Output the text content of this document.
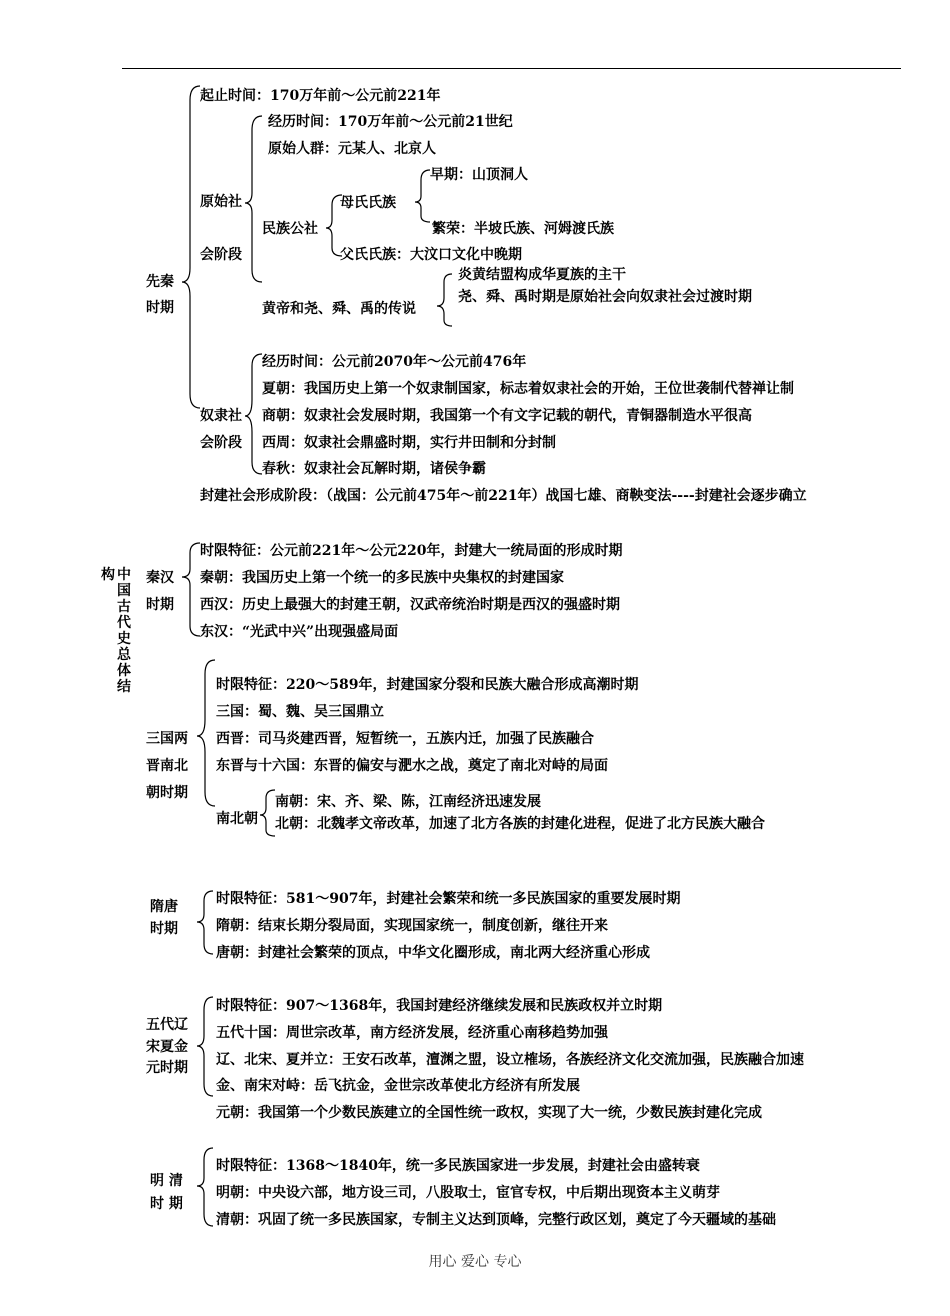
构 中国古代史总体结
先秦
时期
起止时间：170万年前～公元前221年
原始社
会阶段
经历时间：170万年前～公元前21世纪
原始人群：元某人、北京人
民族公社
母氏氏族
早期：山顶洞人
繁荣：半坡氏族、河姆渡氏族
父氏氏族：大汶口文化中晚期
黄帝和尧、舜、禹的传说
炎黄结盟构成华夏族的主干
尧、舜、禹时期是原始社会向奴隶社会过渡时期
奴隶社
会阶段
经历时间：公元前2070年～公元前476年
夏朝：我国历史上第一个奴隶制国家，标志着奴隶社会的开始，王位世袭制代替禅让制
商朝：奴隶社会发展时期，我国第一个有文字记载的朝代，青铜器制造水平很高
西周：奴隶社会鼎盛时期，实行井田制和分封制
春秋：奴隶社会瓦解时期，诸侯争霸
封建社会形成阶段：（战国：公元前475年～前221年）战国七雄、商鞅变法----封建社会逐步确立
秦汉
时期
时限特征：公元前221年～公元220年，封建大一统局面的形成时期
秦朝：我国历史上第一个统一的多民族中央集权的封建国家
西汉：历史上最强大的封建王朝，汉武帝统治时期是西汉的强盛时期
东汉：“光武中兴”出现强盛局面
三国两
晋南北
朝时期
时限特征：220～589年，封建国家分裂和民族大融合形成高潮时期
三国：蜀、魏、吴三国鼎立
西晋：司马炎建西晋，短暂统一，五族内迁，加强了民族融合
东晋与十六国：东晋的偏安与淝水之战，奠定了南北对峙的局面
南北朝
南朝：宋、齐、梁、陈，江南经济迅速发展
北朝：北魏孝文帝改革，加速了北方各族的封建化进程，促进了北方民族大融合
隋唐
时期
时限特征：581～907年，封建社会繁荣和统一多民族国家的重要发展时期
隋朝：结束长期分裂局面，实现国家统一，制度创新，继往开来
唐朝：封建社会繁荣的顶点，中华文化圈形成，南北两大经济重心形成
五代辽
宋夏金
元时期
时限特征：907～1368年，我国封建经济继续发展和民族政权并立时期
五代十国：周世宗改革，南方经济发展，经济重心南移趋势加强
辽、北宋、夏并立：王安石改革，澶渊之盟，设立榷场，各族经济文化交流加强，民族融合加速
金、南宋对峙：岳飞抗金，金世宗改革使北方经济有所发展
元朝：我国第一个少数民族建立的全国性统一政权，实现了大一统，少数民族封建化完成
明 清
时 期
时限特征：1368～1840年，统一多民族国家进一步发展，封建社会由盛转衰
明朝：中央设六部，地方设三司，八股取士，宦官专权，中后期出现资本主义萌芽
清朝：巩固了统一多民族国家，专制主义达到顶峰，完整行政区划，奠定了今天疆域的基础
用心 爱心 专心
